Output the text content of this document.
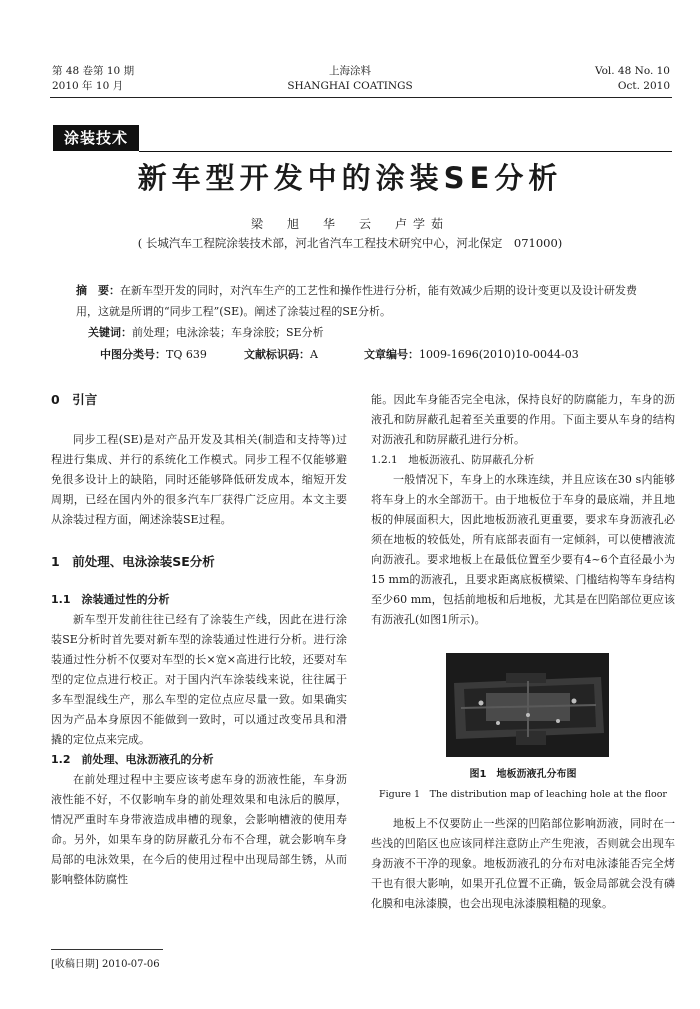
第 48 卷第 10 期
2010 年 10 月
上海涂料
SHANGHAI COATINGS
Vol. 48 No. 10
Oct. 2010
涂装技术
新车型开发中的涂装SE分析
梁　旭　华　云　卢学茹
( 长城汽车工程院涂装技术部，河北省汽车工程技术研究中心，河北保定　071000)
摘　要：在新车型开发的同时，对汽车生产的工艺性和操作性进行分析，能有效减少后期的设计变更以及设计研发费用，这就是所谓的“同步工程”(SE)。阐述了涂装过程的SE分析。
关键词：前处理；电泳涂装；车身涂胶；SE分析
中图分类号：TQ 639	文献标识码：A	文章编号：1009-1696(2010)10-0044-03
0　引言

同步工程(SE)是对产品开发及其相关(制造和支持等)过程进行集成、并行的系统化工作模式。同步工程不仅能够避免很多设计上的缺陷，同时还能够降低研发成本，缩短开发周期，已经在国内外的很多汽车厂获得广泛应用。本文主要从涂装过程方面，阐述涂装SE过程。

1　前处理、电泳涂装SE分析
1.1　涂装通过性的分析

新车型开发前往往已经有了涂装生产线，因此在进行涂装SE分析时首先要对新车型的涂装通过性进行分析。进行涂装通过性分析不仅要对车型的长×宽×高进行比较，还要对车型的定位点进行校正。对于国内汽车涂装线来说，往往属于多车型混线生产，那么车型的定位点应尽量一致。如果确实因为产品本身原因不能做到一致时，可以通过改变吊具和滑撬的定位点来完成。

1.2　前处理、电泳沥液孔的分析

在前处理过程中主要应该考虑车身的沥液性能，车身沥液性能不好，不仅影响车身的前处理效果和电泳后的膜厚，情况严重时车身带液造成串槽的现象，会影响槽液的使用寿命。另外，如果车身的防屏蔽孔分布不合理，就会影响车身局部的电泳效果，在今后的使用过程中出现局部生锈，从而影响整体防腐性

能。因此车身能否完全电泳，保持良好的防腐能力，车身的沥液孔和防屏蔽孔起着至关重要的作用。下面主要从车身的结构对沥液孔和防屏蔽孔进行分析。

1.2.1　地板沥液孔、防屏蔽孔分析

一般情况下，车身上的水珠连续，并且应该在30 s内能够将车身上的水全部沥干。由于地板位于车身的最底端，并且地板的伸展面积大，因此地板沥液孔更重要，要求车身沥液孔必须在地板的较低处，所有底部表面有一定倾斜，可以使槽液流向沥液孔。要求地板上在最低位置至少要有4~6个直径最小为15 mm的沥液孔，且要求距离底板横梁、门槛结构等车身结构至少60 mm，包括前地板和后地板，尤其是在凹陷部位更应该有沥液孔(如图1所示)。

图1　地板沥液孔分布图
Figure 1　The distribution map of leaching hole at the floor

地板上不仅要防止一些深的凹陷部位影响沥液，同时在一些浅的凹陷区也应该同样注意防止产生兜液，否则就会出现车身沥液不干净的现象。地板沥液孔的分布对电泳漆能否完全烤干也有很大影响，如果开孔位置不正确，钣金局部就会没有磷化膜和电泳漆膜，也会出现电泳漆膜粗糙的现象。

[收稿日期] 2010-07-06
